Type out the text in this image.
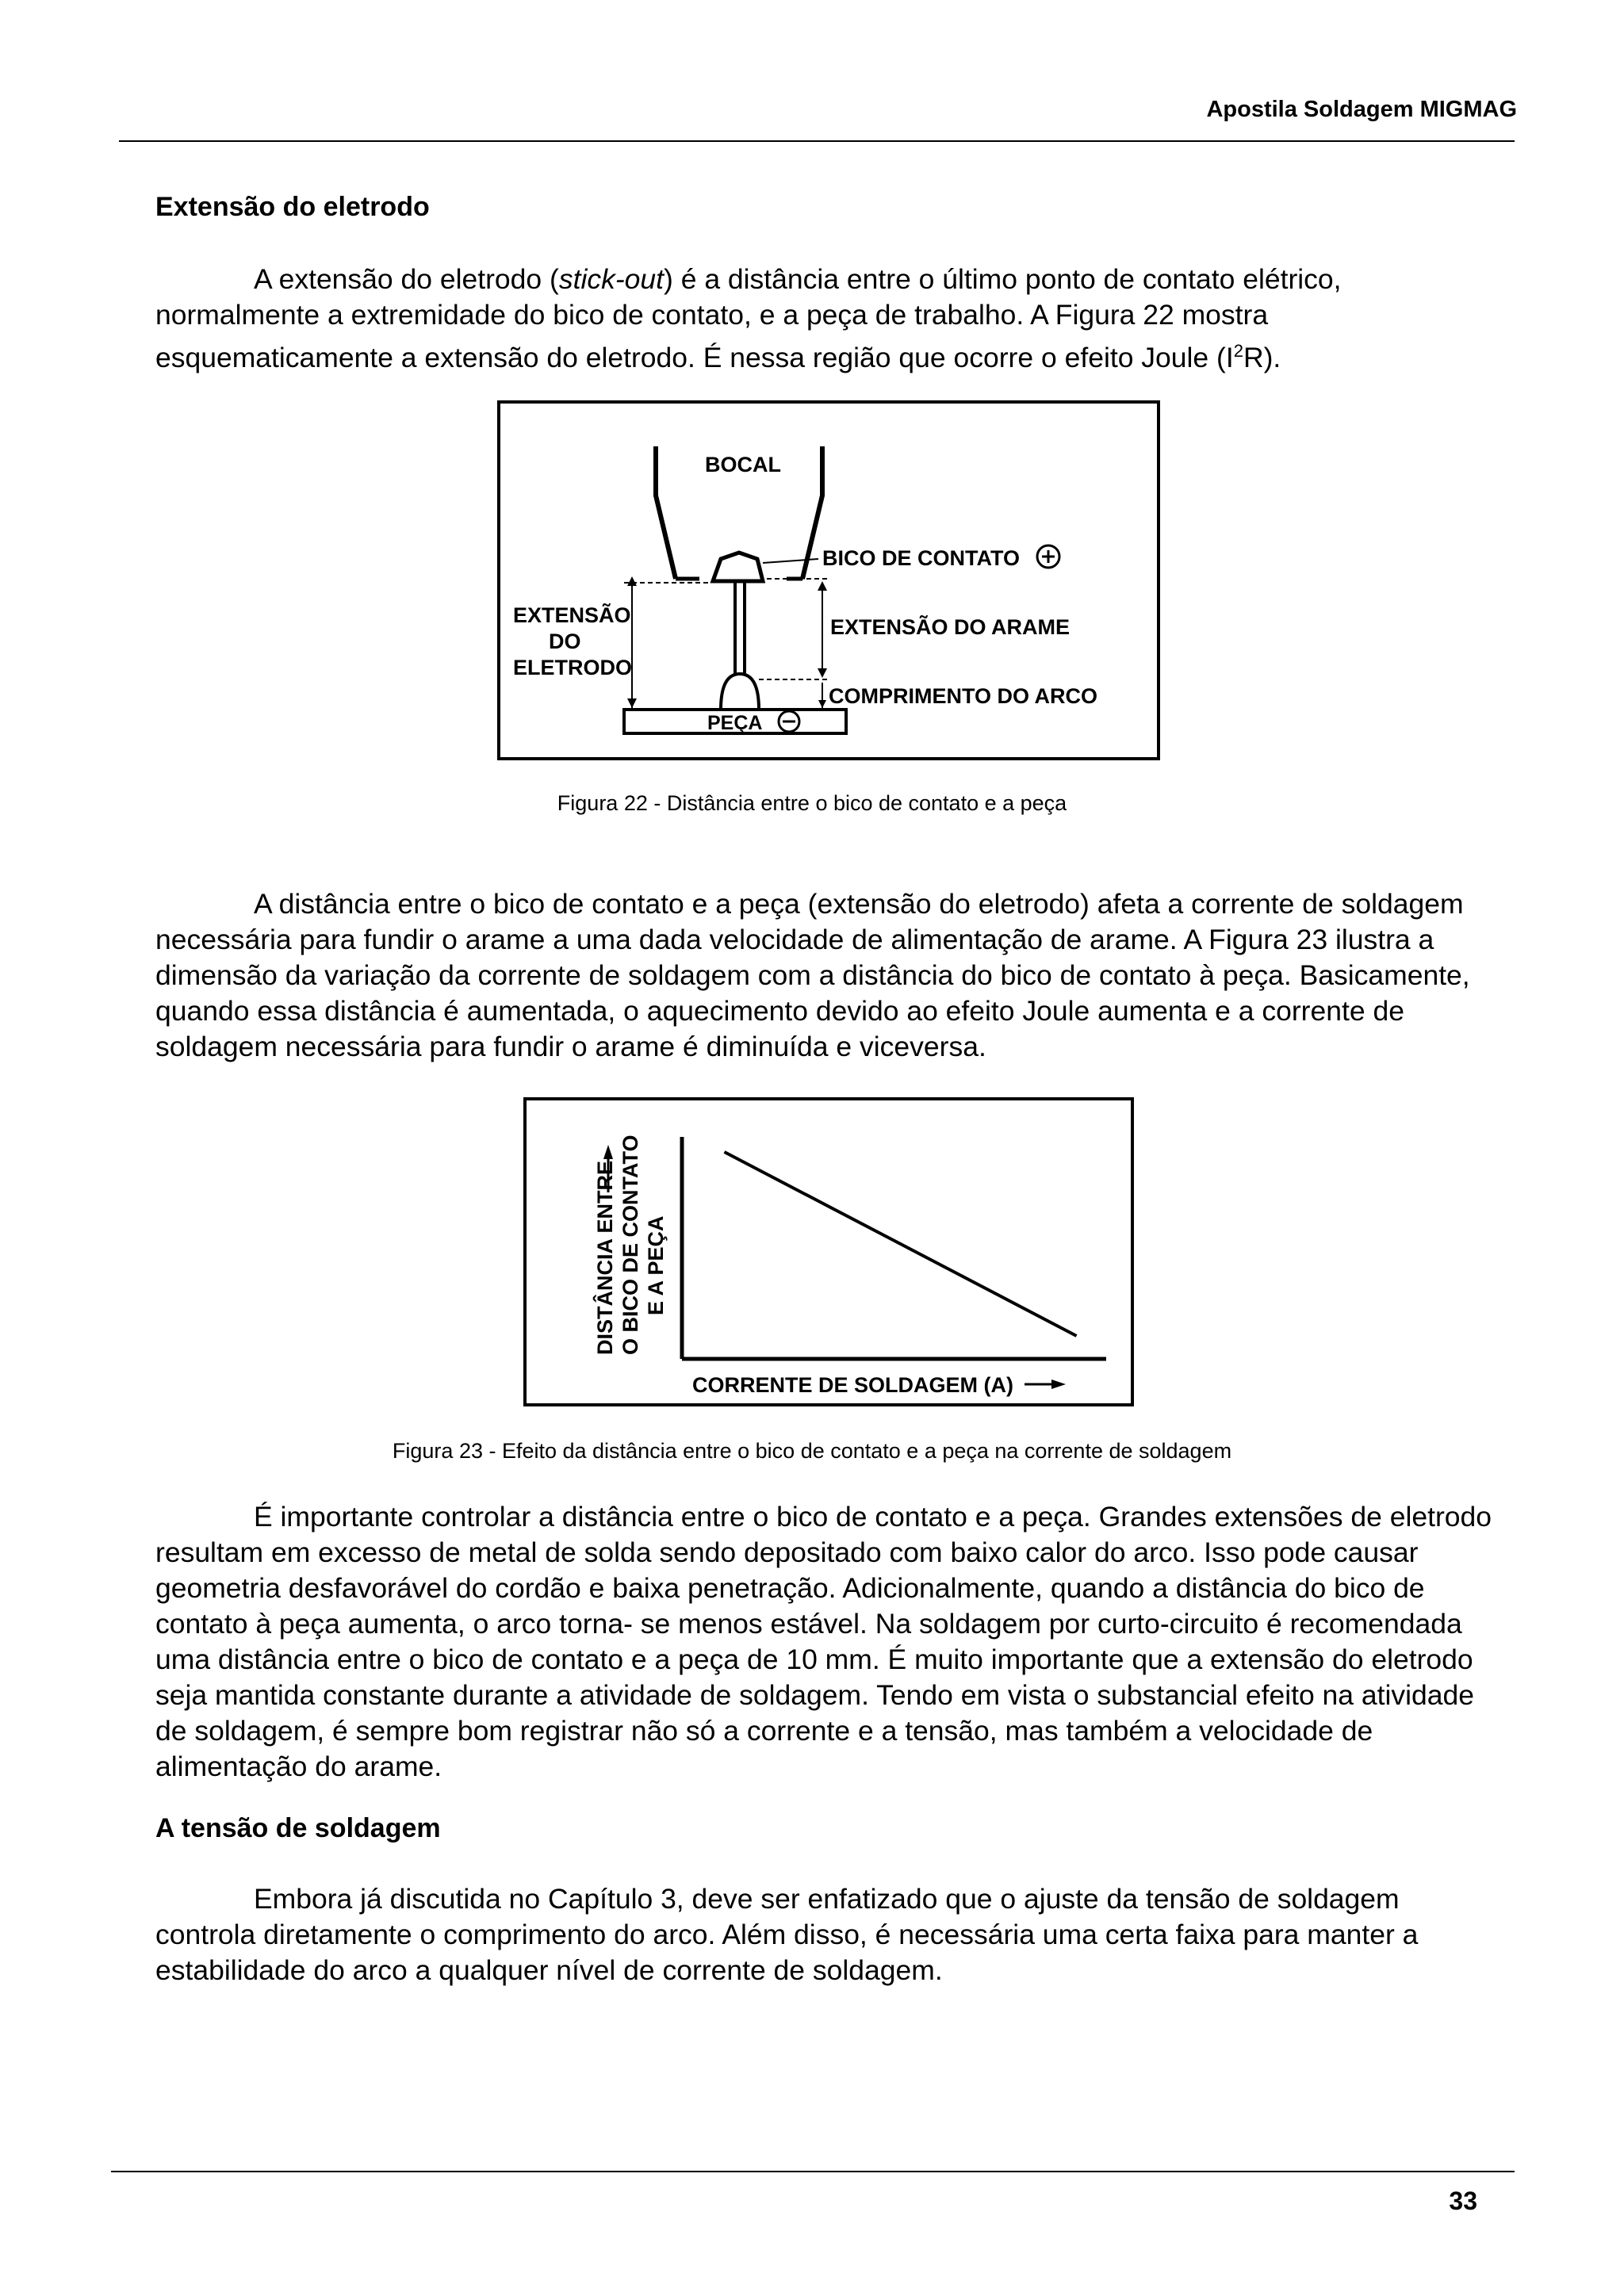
Apostila Soldagem MIGMAG
Extensão do eletrodo

A extensão do eletrodo (stick-out) é a distância entre o último ponto de contato elétrico, normalmente a extremidade do bico de contato, e a peça de trabalho. A Figura 22 mostra esquematicamente a extensão do eletrodo. É nessa região que ocorre o efeito Joule $(I^2R)$.

BOCAL
BICO DE CONTATO
EXTENSÃO
DO
ELETRODO
EXTENSÃO DO ARAME
COMPRIMENTO DO ARCO
PEÇA
Figura 22 - Distância entre o bico de contato e a peça

A distância entre o bico de contato e a peça (extensão do eletrodo) afeta a corrente de soldagem necessária para fundir o arame a uma dada velocidade de alimentação de arame. A Figura 23 ilustra a dimensão da variação da corrente de soldagem com a distância do bico de contato à peça. Basicamente, quando essa distância é aumentada, o aquecimento devido ao efeito Joule aumenta e a corrente de soldagem necessária para fundir o arame é diminuída e viceversa.

DISTÂNCIA ENTRE O BICO DE CONTATO E A PEÇA
CORRENTE DE SOLDAGEM (A)
Figura 23 - Efeito da distância entre o bico de contato e a peça na corrente de soldagem

É importante controlar a distância entre o bico de contato e a peça. Grandes extensões de eletrodo resultam em excesso de metal de solda sendo depositado com baixo calor do arco. Isso pode causar geometria desfavorável do cordão e baixa penetração. Adicionalmente, quando a distância do bico de contato à peça aumenta, o arco torna- se menos estável. Na soldagem por curto-circuito é recomendada uma distância entre o bico de contato e a peça de 10 mm. É muito importante que a extensão do eletrodo seja mantida constante durante a atividade de soldagem. Tendo em vista o substancial efeito na atividade de soldagem, é sempre bom registrar não só a corrente e a tensão, mas também a velocidade de alimentação do arame.

A tensão de soldagem

Embora já discutida no Capítulo 3, deve ser enfatizado que o ajuste da tensão de soldagem controla diretamente o comprimento do arco. Além disso, é necessária uma certa faixa para manter a estabilidade do arco a qualquer nível de corrente de soldagem.

33
